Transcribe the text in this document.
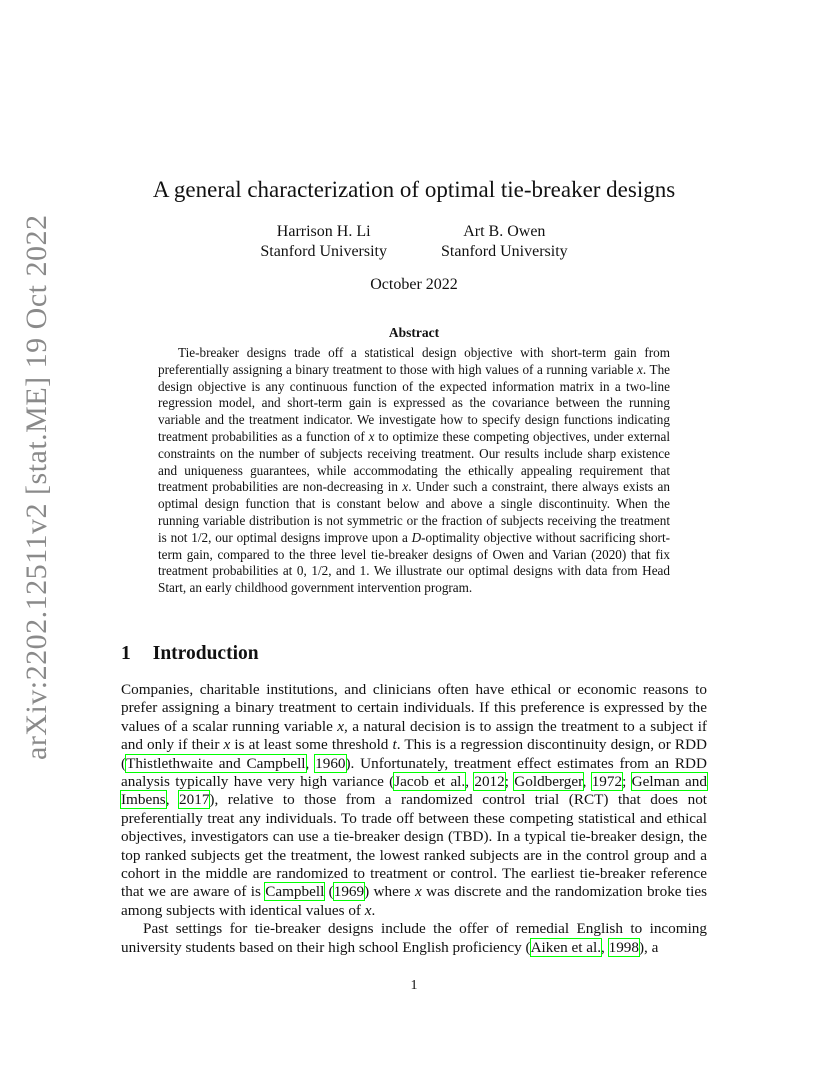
arXiv:2202.12511v2 [stat.ME] 19 Oct 2022
A general characterization of optimal tie-breaker designs
Harrison H. Li
Stanford University
Art B. Owen
Stanford University
October 2022
Abstract
Tie-breaker designs trade off a statistical design objective with short-term gain from preferentially assigning a binary treatment to those with high values of a running variable x. The design objective is any continuous function of the expected information matrix in a two-line regression model, and short-term gain is expressed as the covariance between the running variable and the treatment indicator. We investigate how to specify design functions indicating treatment probabilities as a function of x to optimize these competing objectives, under external constraints on the number of subjects receiving treatment. Our results include sharp existence and uniqueness guarantees, while accommodating the ethically appealing requirement that treatment probabilities are non-decreasing in x. Under such a constraint, there always exists an optimal design function that is constant below and above a single discontinuity. When the running variable distribution is not symmetric or the fraction of subjects receiving the treatment is not 1/2, our optimal designs improve upon a D-optimality objective without sacrificing short-term gain, compared to the three level tie-breaker designs of Owen and Varian (2020) that fix treatment probabilities at 0, 1/2, and 1. We illustrate our optimal designs with data from Head Start, an early childhood government intervention program.
1 Introduction

Companies, charitable institutions, and clinicians often have ethical or economic reasons to prefer assigning a binary treatment to certain individuals. If this preference is expressed by the values of a scalar running variable x, a natural decision is to assign the treatment to a subject if and only if their x is at least some threshold t. This is a regression discontinuity design, or RDD (Thistlethwaite and Campbell, 1960). Unfortunately, treatment effect estimates from an RDD analysis typically have very high variance (Jacob et al., 2012; Goldberger, 1972; Gelman and Imbens, 2017), relative to those from a randomized control trial (RCT) that does not preferentially treat any individuals. To trade off between these competing statistical and ethical objectives, investigators can use a tie-breaker design (TBD). In a typical tie-breaker design, the top ranked subjects get the treatment, the lowest ranked subjects are in the control group and a cohort in the middle are randomized to treatment or control. The earliest tie-breaker reference that we are aware of is Campbell (1969) where x was discrete and the randomization broke ties among subjects with identical values of x.

Past settings for tie-breaker designs include the offer of remedial English to incoming university students based on their high school English proficiency (Aiken et al., 1998), a

1
